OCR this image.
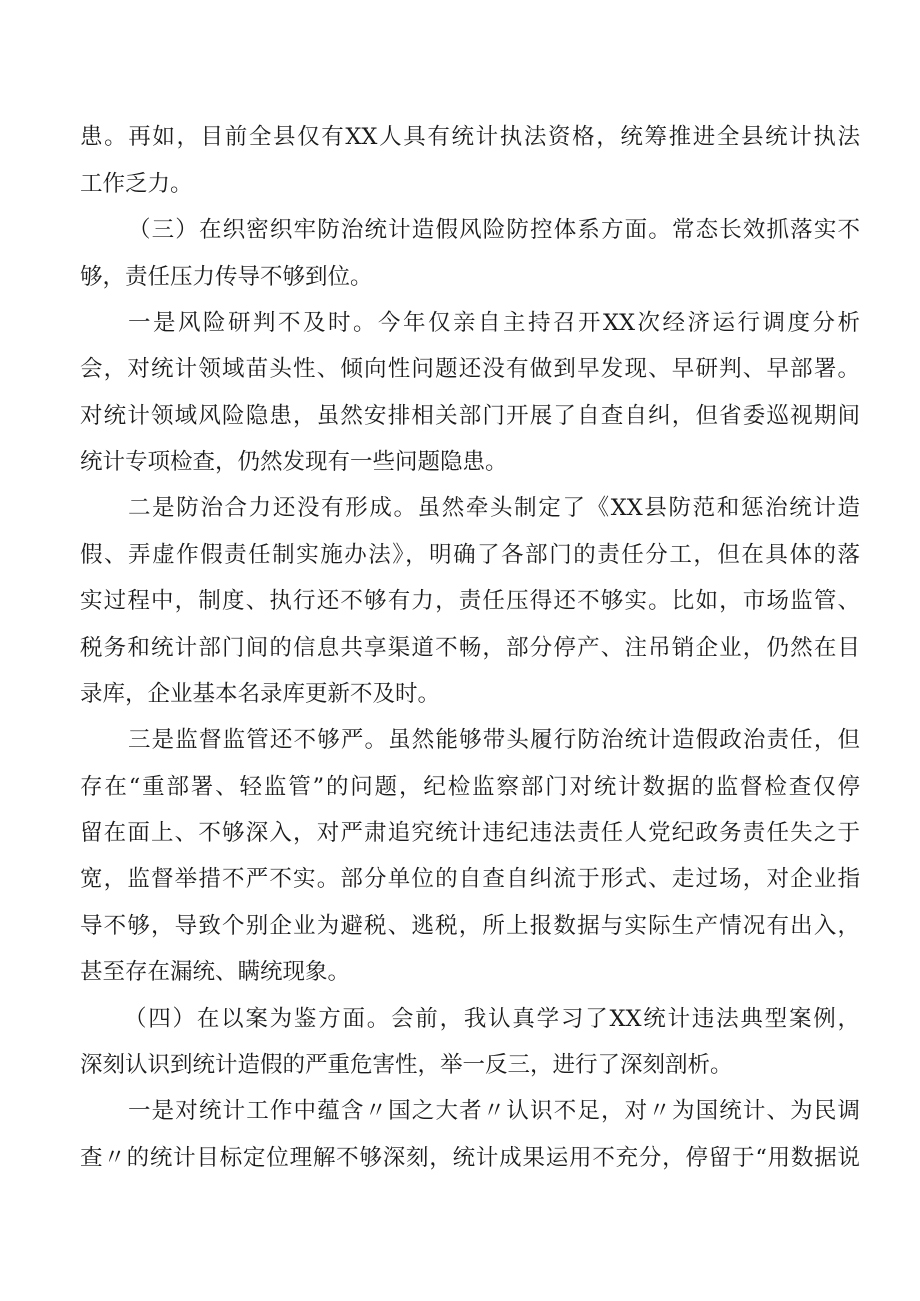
患。再如，目前全县仅有XX人具有统计执法资格，统筹推进全县统计执法
工作乏力。
（三）在织密织牢防治统计造假风险防控体系方面。常态长效抓落实不
够，责任压力传导不够到位。
一是风险研判不及时。今年仅亲自主持召开XX次经济运行调度分析
会，对统计领域苗头性、倾向性问题还没有做到早发现、早研判、早部署。
对统计领域风险隐患，虽然安排相关部门开展了自查自纠，但省委巡视期间
统计专项检查，仍然发现有一些问题隐患。
二是防治合力还没有形成。虽然牵头制定了《XX县防范和惩治统计造
假、弄虚作假责任制实施办法》，明确了各部门的责任分工，但在具体的落
实过程中，制度、执行还不够有力，责任压得还不够实。比如，市场监管、
税务和统计部门间的信息共享渠道不畅，部分停产、注吊销企业，仍然在目
录库，企业基本名录库更新不及时。
三是监督监管还不够严。虽然能够带头履行防治统计造假政治责任，但
存在“重部署、轻监管”的问题，纪检监察部门对统计数据的监督检查仅停
留在面上、不够深入，对严肃追究统计违纪违法责任人党纪政务责任失之于
宽，监督举措不严不实。部分单位的自查自纠流于形式、走过场，对企业指
导不够，导致个别企业为避税、逃税，所上报数据与实际生产情况有出入，
甚至存在漏统、瞒统现象。
（四）在以案为鉴方面。会前，我认真学习了XX统计违法典型案例，
深刻认识到统计造假的严重危害性，举一反三，进行了深刻剖析。
一是对统计工作中蕴含〃国之大者〃认识不足，对〃为国统计、为民调
查〃的统计目标定位理解不够深刻，统计成果运用不充分，停留于“用数据说
